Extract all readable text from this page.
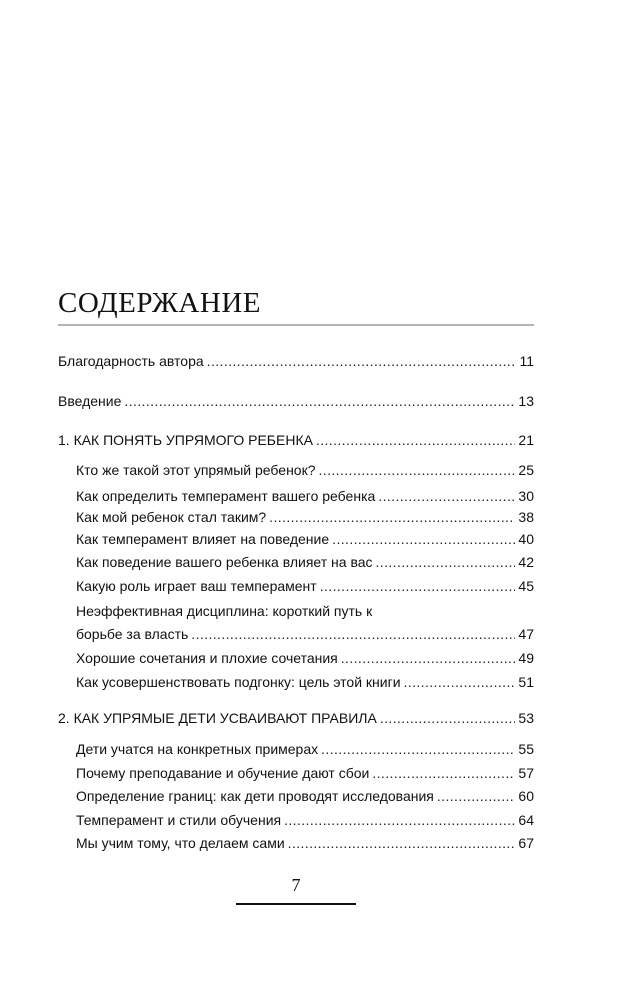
СОДЕРЖАНИЕ
Благодарность автора .....	11
Введение .....	13
1. КАК ПОНЯТЬ УПРЯМОГО РЕБЕНКА .....	21
Кто же такой этот упрямый ребенок? .....	25
Как определить темперамент вашего ребенка .....	30
Как мой ребенок стал таким? .....	38
Как темперамент влияет на поведение .....	40
Как поведение вашего ребенка влияет на вас .....	42
Какую роль играет ваш темперамент .....	45
Неэффективная дисциплина: короткий путь к
борьбе за власть .....	47
Хорошие сочетания и плохие сочетания .....	49
Как усовершенствовать подгонку: цель этой книги .....	51
2. КАК УПРЯМЫЕ ДЕТИ УСВАИВАЮТ ПРАВИЛА .....	53
Дети учатся на конкретных примерах .....	55
Почему преподавание и обучение дают сбои .....	57
Определение границ: как дети проводят исследования .....	60
Темперамент и стили обучения .....	64
Мы учим тому, что делаем сами .....	67
7
